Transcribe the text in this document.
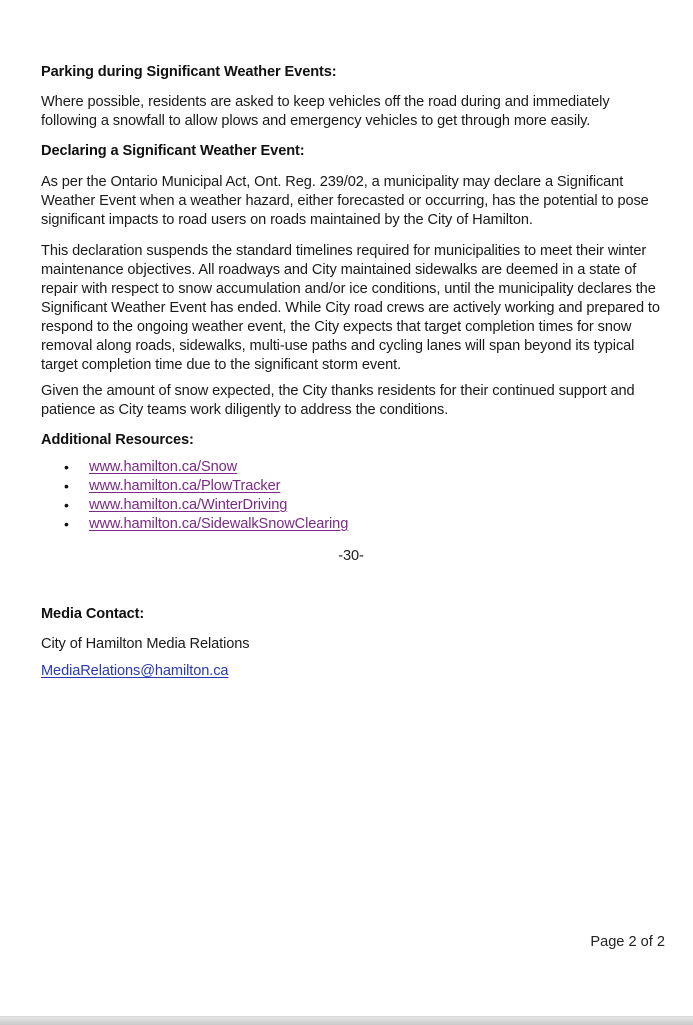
Parking during Significant Weather Events:

Where possible, residents are asked to keep vehicles off the road during and immediately following a snowfall to allow plows and emergency vehicles to get through more easily.

Declaring a Significant Weather Event:

As per the Ontario Municipal Act, Ont. Reg. 239/02, a municipality may declare a Significant Weather Event when a weather hazard, either forecasted or occurring, has the potential to pose significant impacts to road users on roads maintained by the City of Hamilton.

This declaration suspends the standard timelines required for municipalities to meet their winter maintenance objectives. All roadways and City maintained sidewalks are deemed in a state of repair with respect to snow accumulation and/or ice conditions, until the municipality declares the Significant Weather Event has ended. While City road crews are actively working and prepared to respond to the ongoing weather event, the City expects that target completion times for snow removal along roads, sidewalks, multi-use paths and cycling lanes will span beyond its typical target completion time due to the significant storm event.

Given the amount of snow expected, the City thanks residents for their continued support and patience as City teams work diligently to address the conditions.

Additional Resources:

• www.hamilton.ca/Snow
• www.hamilton.ca/PlowTracker
• www.hamilton.ca/WinterDriving
• www.hamilton.ca/SidewalkSnowClearing

-30-

Media Contact:

City of Hamilton Media Relations

MediaRelations@hamilton.ca

Page 2 of 2
